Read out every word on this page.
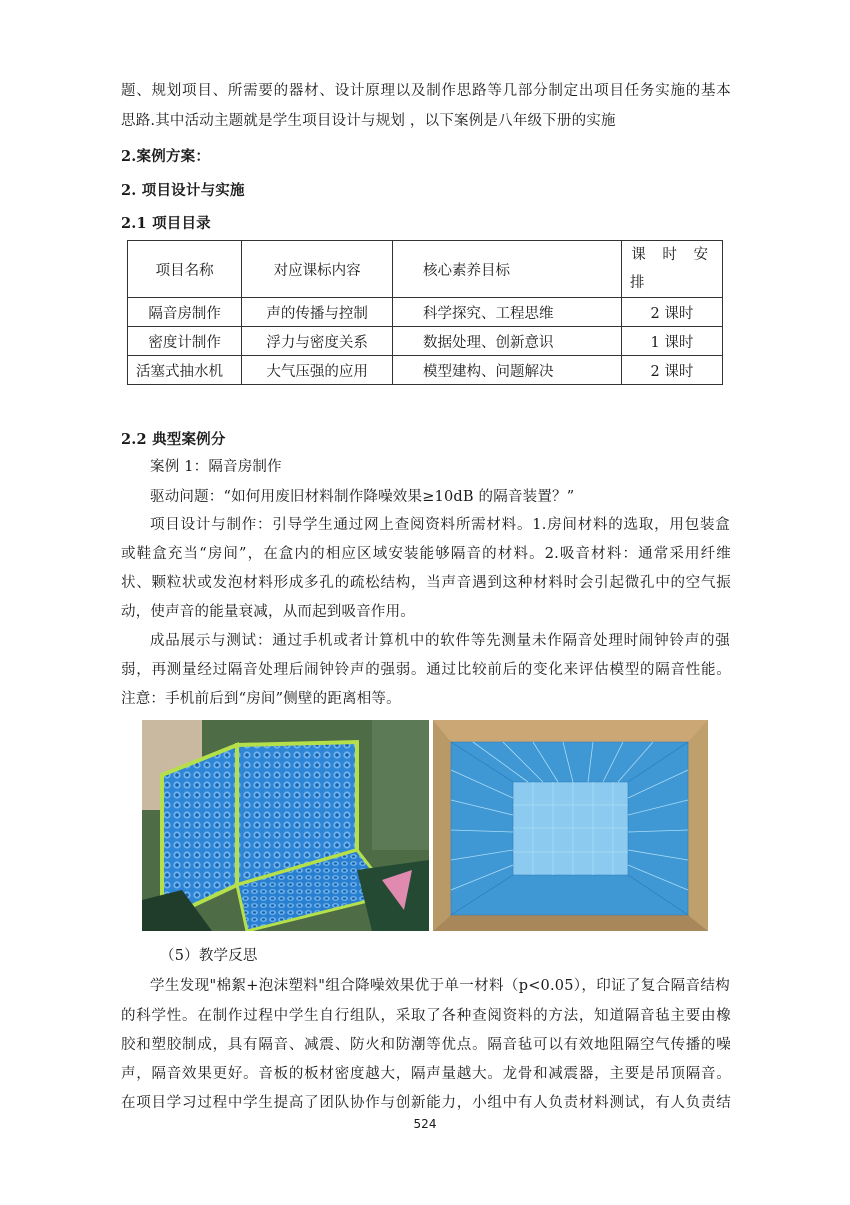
题、规划项目、所需要的器材、设计原理以及制作思路等几部分制定出项目任务实施的基本
思路.其中活动主题就是学生项目设计与规划 ，以下案例是八年级下册的实施
2.案例方案：
2. 项目设计与实施
2.1 项目目录
项目名称	对应课标内容	核心素养目标	课 时 安
排
隔音房制作	声的传播与控制	科学探究、工程思维	2 课时
密度计制作	浮力与密度关系	数据处理、创新意识	1 课时
活塞式抽水机	大气压强的应用	模型建构、问题解决	2 课时
2.2 典型案例分
案例 1：隔音房制作
驱动问题：“如何用废旧材料制作降噪效果≥10dB 的隔音装置？”
项目设计与制作：引导学生通过网上查阅资料所需材料。1.房间材料的选取，用包装盒
或鞋盒充当“房间”，在盒内的相应区域安装能够隔音的材料。2.吸音材料：通常采用纤维
状、颗粒状或发泡材料形成多孔的疏松结构，当声音遇到这种材料时会引起微孔中的空气振
动，使声音的能量衰减，从而起到吸音作用。
成品展示与测试：通过手机或者计算机中的软件等先测量未作隔音处理时闹钟铃声的强
弱，再测量经过隔音处理后闹钟铃声的强弱。通过比较前后的变化来评估模型的隔音性能。
注意：手机前后到“房间”侧壁的距离相等。
（5）教学反思
学生发现"棉絮+泡沫塑料"组合降噪效果优于单一材料（p<0.05），印证了复合隔音结构
的科学性。在制作过程中学生自行组队，采取了各种查阅资料的方法，知道隔音毡主要由橡
胶和塑胶制成，具有隔音、减震、防火和防潮等优点。隔音毡可以有效地阻隔空气传播的噪
声，隔音效果更好。音板的板材密度越大，隔声量越大。龙骨和减震器，主要是吊顶隔音。
在项目学习过程中学生提高了团队协作与创新能力，小组中有人负责材料测试，有人负责结
524
